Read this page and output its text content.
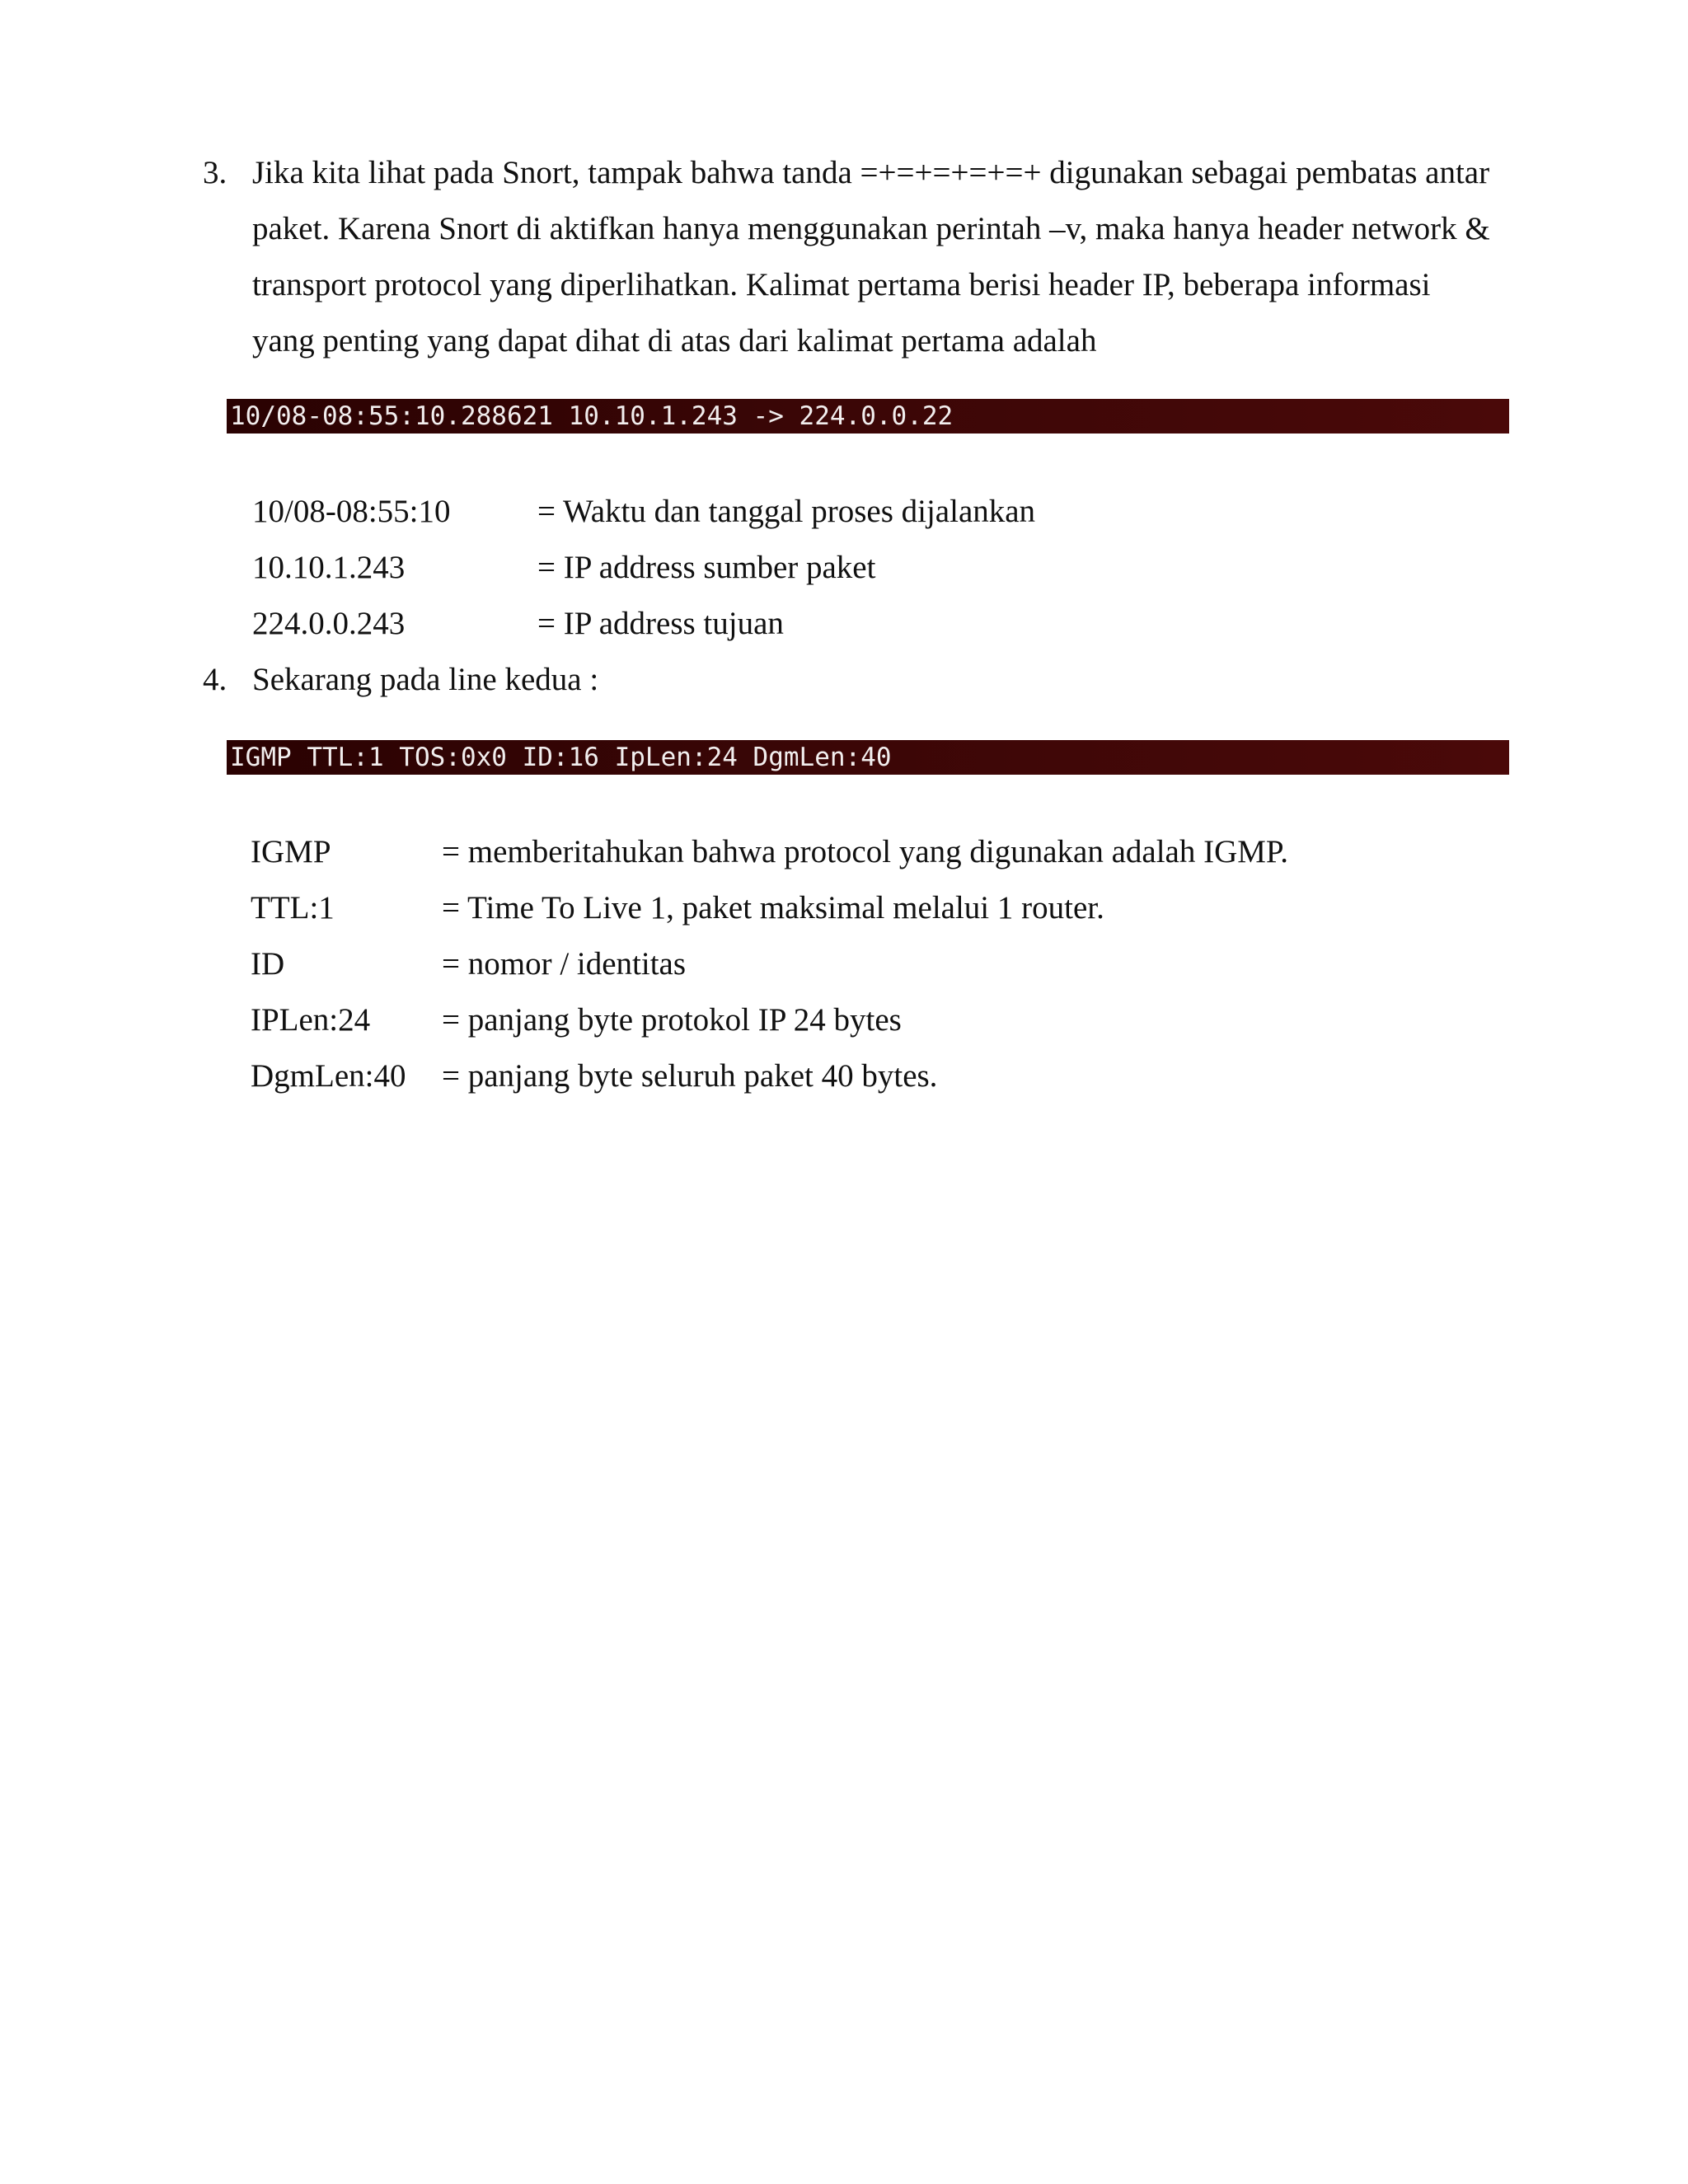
3. Jika kita lihat pada Snort, tampak bahwa tanda =+=+=+=+=+ digunakan sebagai pembatas antar
paket. Karena Snort di aktifkan hanya menggunakan perintah –v, maka hanya header network &
transport protocol yang diperlihatkan. Kalimat pertama berisi header IP, beberapa informasi
yang penting yang dapat dihat di atas dari kalimat pertama adalah
10/08-08:55:10.288621 10.10.1.243 -> 224.0.0.22
10/08-08:55:10	= Waktu dan tanggal proses dijalankan
10.10.1.243	= IP address sumber paket
224.0.0.243	= IP address tujuan
4. Sekarang pada line kedua :
IGMP TTL:1 TOS:0x0 ID:16 IpLen:24 DgmLen:40
IGMP	= memberitahukan bahwa protocol yang digunakan adalah IGMP.
TTL:1	= Time To Live 1, paket maksimal melalui 1 router.
ID	= nomor / identitas
IPLen:24 = panjang byte protokol IP 24 bytes
DgmLen:40 = panjang byte seluruh paket 40 bytes.
